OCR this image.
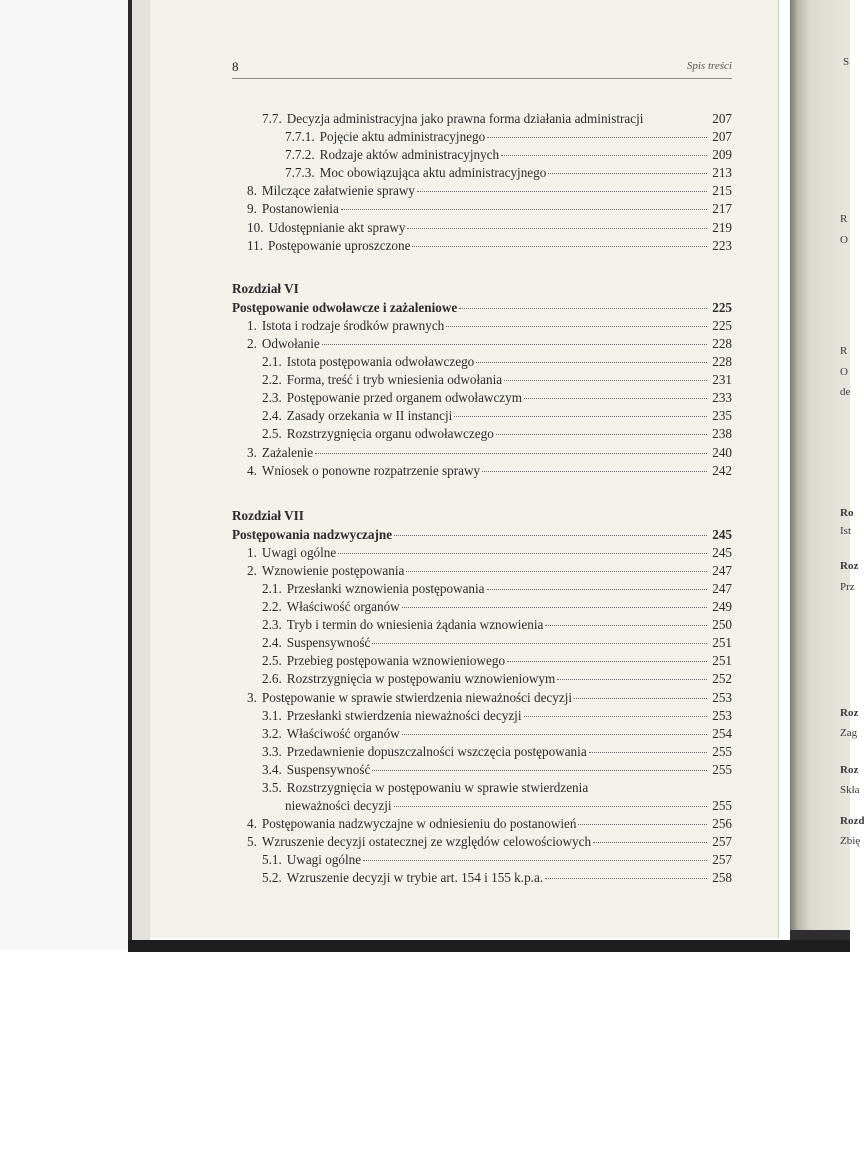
8	Spis treści
7.7. Decyzja administracyjna jako prawna forma działania administracji	207
7.7.1. Pojęcie aktu administracyjnego	207
7.7.2. Rodzaje aktów administracyjnych	209
7.7.3. Moc obowiązująca aktu administracyjnego	213
8. Milczące załatwienie sprawy	215
9. Postanowienia	217
10. Udostępnianie akt sprawy	219
11. Postępowanie uproszczone	223
Rozdział VI
Postępowanie odwoławcze i zażaleniowe	225
1. Istota i rodzaje środków prawnych	225
2. Odwołanie	228
2.1. Istota postępowania odwoławczego	228
2.2. Forma, treść i tryb wniesienia odwołania	231
2.3. Postępowanie przed organem odwoławczym	233
2.4. Zasady orzekania w II instancji	235
2.5. Rozstrzygnięcia organu odwoławczego	238
3. Zażalenie	240
4. Wniosek o ponowne rozpatrzenie sprawy	242
Rozdział VII
Postępowania nadzwyczajne	245
1. Uwagi ogólne	245
2. Wznowienie postępowania	247
2.1. Przesłanki wznowienia postępowania	247
2.2. Właściwość organów	249
2.3. Tryb i termin do wniesienia żądania wznowienia	250
2.4. Suspensywność	251
2.5. Przebieg postępowania wznowieniowego	251
2.6. Rozstrzygnięcia w postępowaniu wznowieniowym	252
3. Postępowanie w sprawie stwierdzenia nieważności decyzji	253
3.1. Przesłanki stwierdzenia nieważności decyzji	253
3.2. Właściwość organów	254
3.3. Przedawnienie dopuszczalności wszczęcia postępowania	255
3.4. Suspensywność	255
3.5. Rozstrzygnięcia w postępowaniu w sprawie stwierdzenia
nieważności decyzji	255
4. Postępowania nadzwyczajne w odniesieniu do postanowień	256
5. Wzruszenie decyzji ostatecznej ze względów celowościowych	257
5.1. Uwagi ogólne	257
5.2. Wzruszenie decyzji w trybie art. 154 i 155 k.p.a.	258
S
R
O
R
O
de
Ro
Ist
Roz
Prz
Roz
Zag
Roz
Skła
Rozd
Zbię
